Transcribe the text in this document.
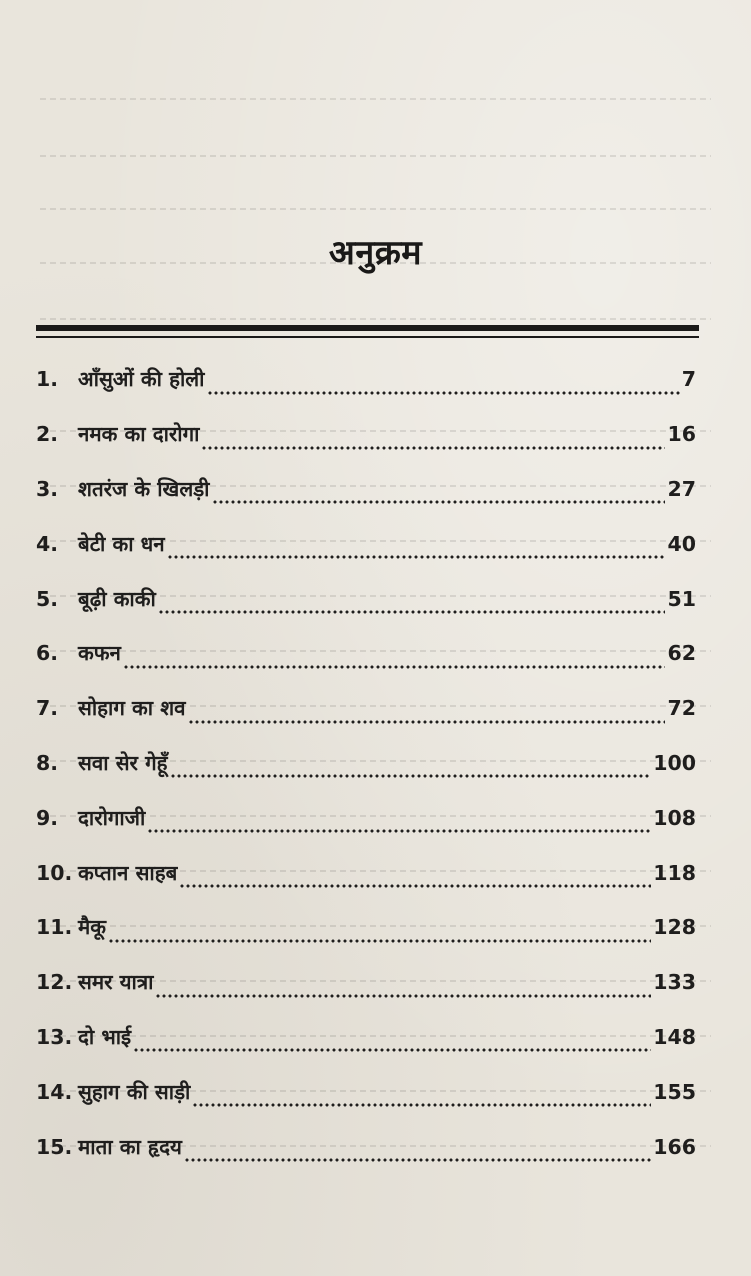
अनुक्रम
1. आँसुओं की होली	7
2. नमक का दारोगा	16
3. शतरंज के खिलड़ी	27
4. बेटी का धन	40
5. बूढ़ी काकी	51
6. कफन	62
7. सोहाग का शव	72
8. सवा सेर गेहूँ	100
9. दारोगाजी	108
10. कप्तान साहब	118
11. मैकू	128
12. समर यात्रा	133
13. दो भाई	148
14. सुहाग की साड़ी	155
15. माता का हृदय	166
